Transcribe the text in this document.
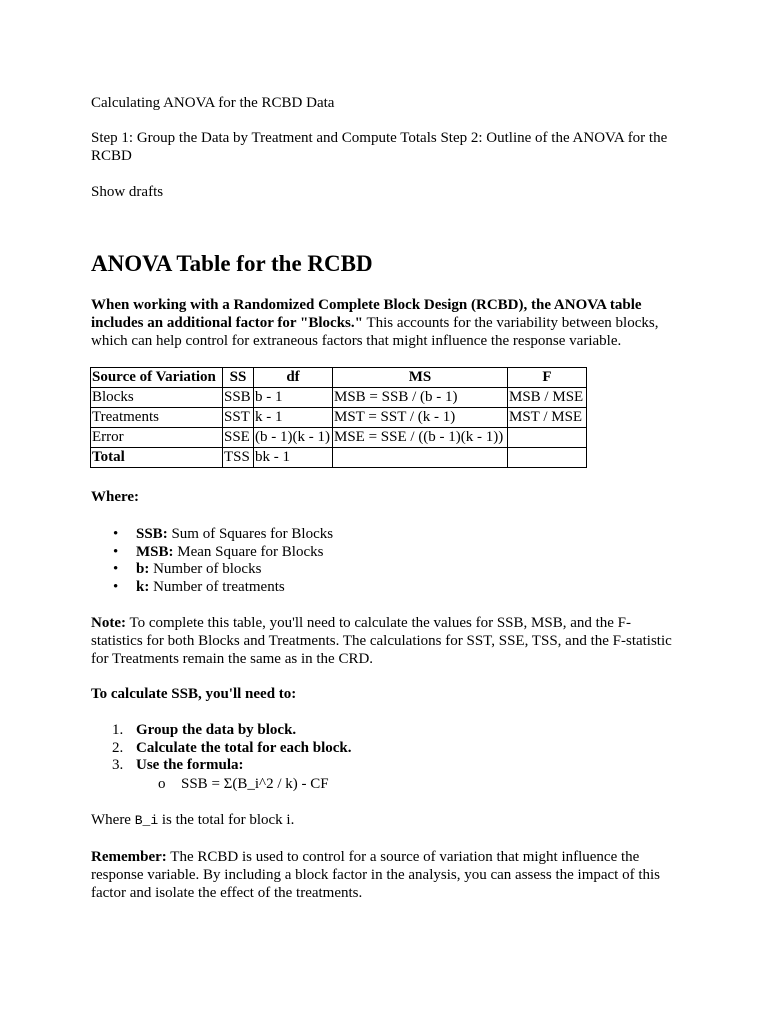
Calculating ANOVA for the RCBD Data

Step 1: Group the Data by Treatment and Compute Totals Step 2: Outline of the ANOVA for the RCBD

Show drafts

ANOVA Table for the RCBD

When working with a Randomized Complete Block Design (RCBD), the ANOVA table includes an additional factor for "Blocks." This accounts for the variability between blocks, which can help control for extraneous factors that might influence the response variable.

Source of Variation	SS	df	MS	F
Blocks	SSB	b - 1	MSB = SSB / (b - 1)	MSB / MSE
Treatments	SST	k - 1	MST = SST / (k - 1)	MST / MSE
Error	SSE	(b - 1)(k - 1)	MSE = SSE / ((b - 1)(k - 1))	
Total	TSS	bk - 1		

Where:

• SSB: Sum of Squares for Blocks
• MSB: Mean Square for Blocks
• b: Number of blocks
• k: Number of treatments

Note: To complete this table, you'll need to calculate the values for SSB, MSB, and the F-statistics for both Blocks and Treatments. The calculations for SST, SSE, TSS, and the F-statistic for Treatments remain the same as in the CRD.

To calculate SSB, you'll need to:

1. Group the data by block.
2. Calculate the total for each block.
3. Use the formula:
o SSB = Σ(B_i^2 / k) - CF

Where B_i is the total for block i.

Remember: The RCBD is used to control for a source of variation that might influence the response variable. By including a block factor in the analysis, you can assess the impact of this factor and isolate the effect of the treatments.
